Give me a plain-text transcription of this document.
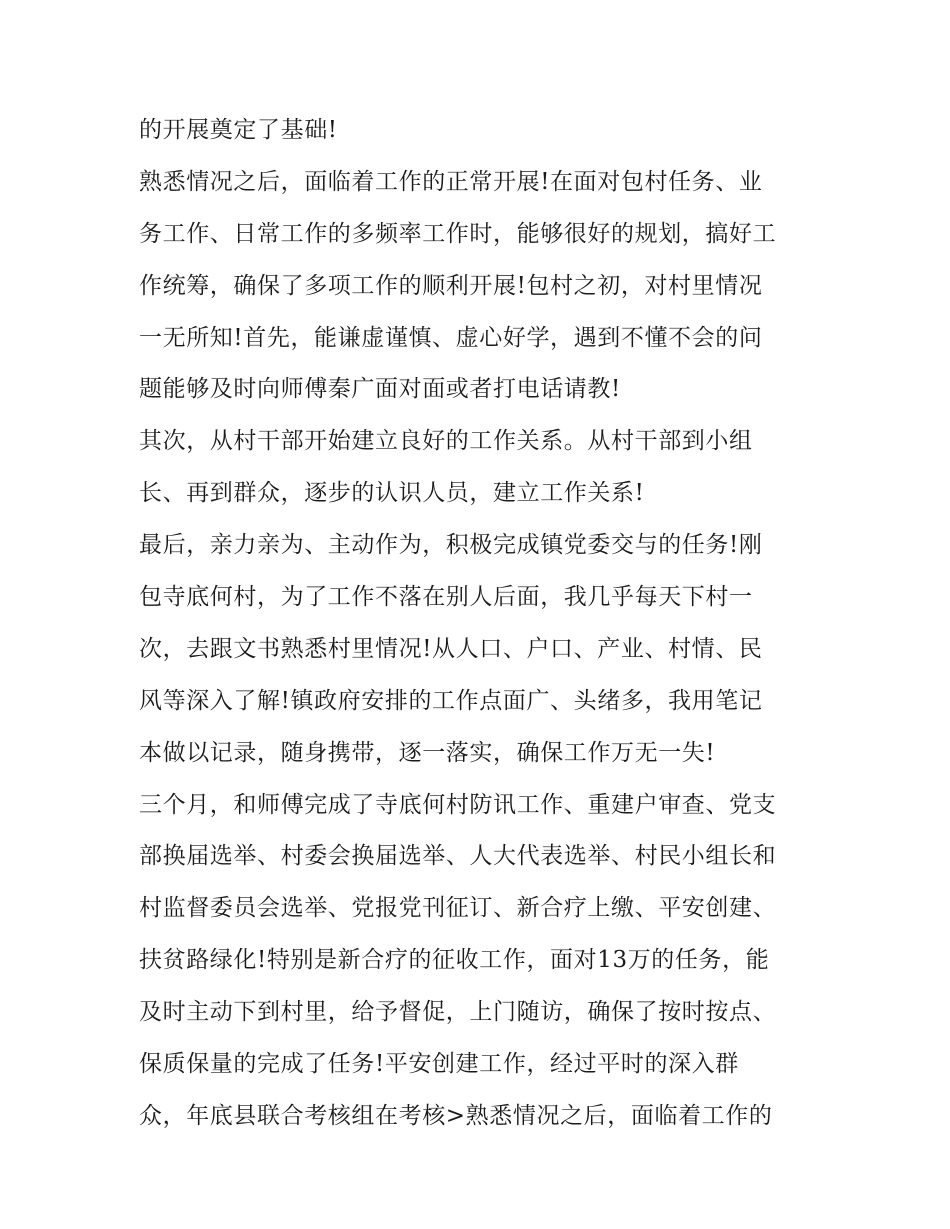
的开展奠定了基础!
熟悉情况之后，面临着工作的正常开展!在面对包村任务、业
务工作、日常工作的多频率工作时，能够很好的规划，搞好工
作统筹，确保了多项工作的顺利开展!包村之初，对村里情况
一无所知!首先，能谦虚谨慎、虚心好学，遇到不懂不会的问
题能够及时向师傅秦广面对面或者打电话请教!
其次，从村干部开始建立良好的工作关系。从村干部到小组
长、再到群众，逐步的认识人员，建立工作关系!
最后，亲力亲为、主动作为，积极完成镇党委交与的任务!刚
包寺底何村，为了工作不落在别人后面，我几乎每天下村一
次，去跟文书熟悉村里情况!从人口、户口、产业、村情、民
风等深入了解!镇政府安排的工作点面广、头绪多，我用笔记
本做以记录，随身携带，逐一落实，确保工作万无一失!
三个月，和师傅完成了寺底何村防讯工作、重建户审查、党支
部换届选举、村委会换届选举、人大代表选举、村民小组长和
村监督委员会选举、党报党刊征订、新合疗上缴、平安创建、
扶贫路绿化!特别是新合疗的征收工作，面对13万的任务，能
及时主动下到村里，给予督促，上门随访，确保了按时按点、
保质保量的完成了任务!平安创建工作，经过平时的深入群
众，年底县联合考核组在考核>熟悉情况之后，面临着工作的
